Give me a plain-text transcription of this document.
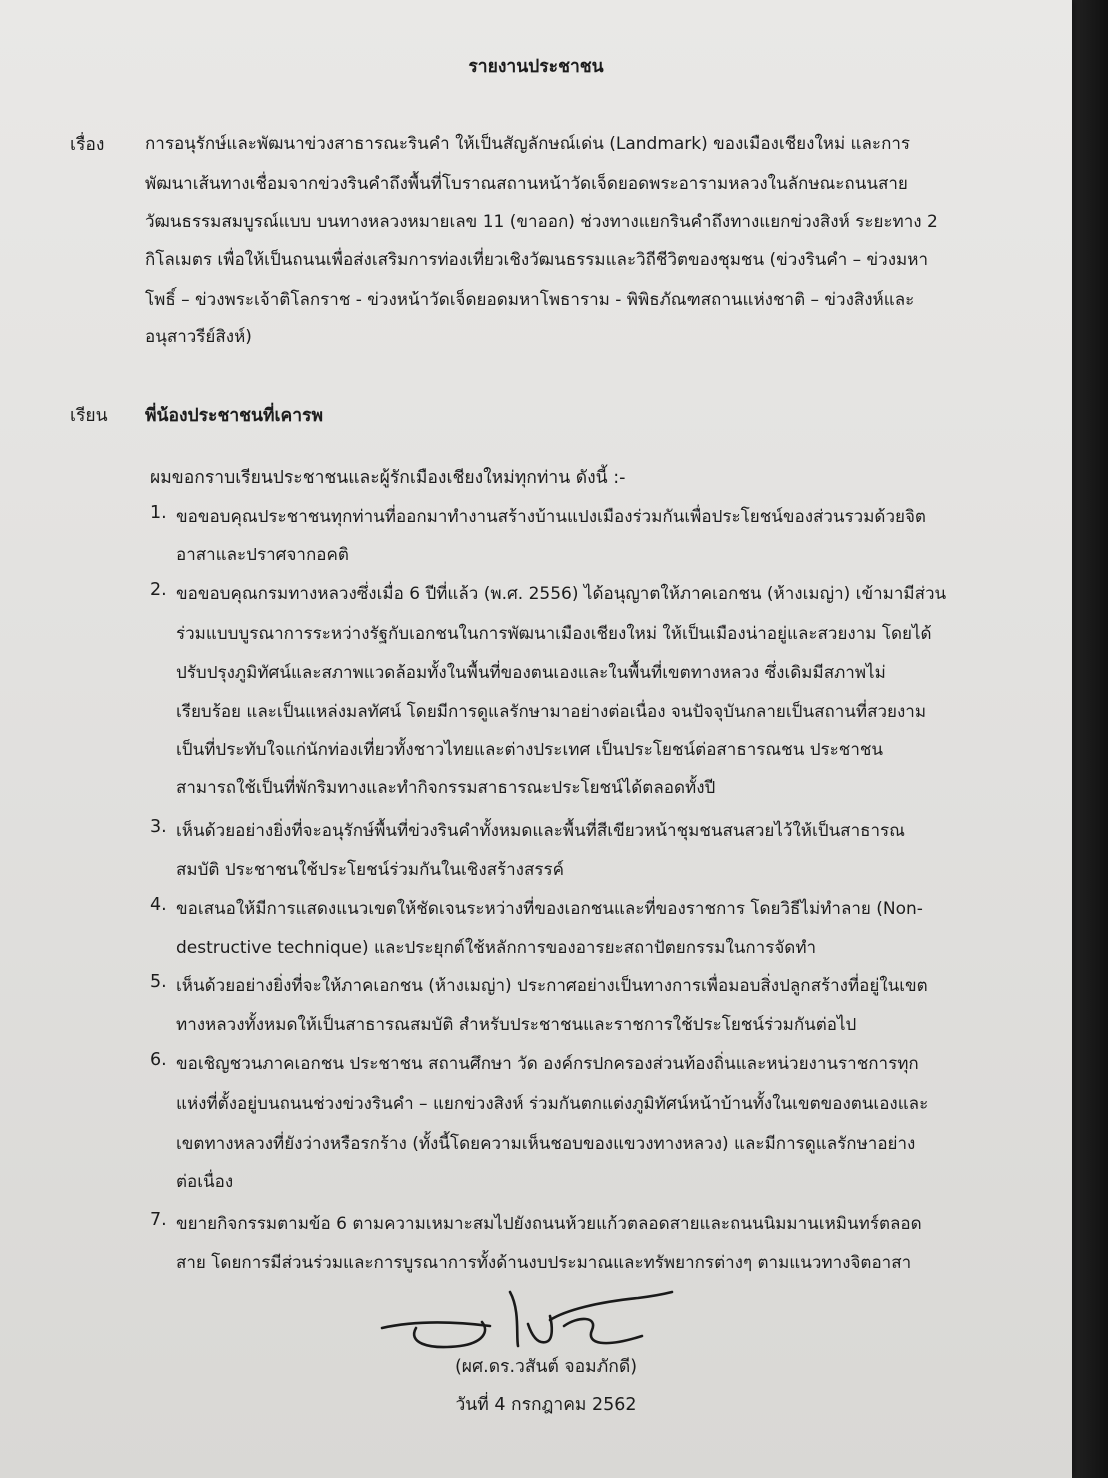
รายงานประชาชน
เรื่อง การอนุรักษ์และพัฒนาข่วงสาธารณะรินคำ ให้เป็นสัญลักษณ์เด่น (Landmark) ของเมืองเชียงใหม่ และการ
พัฒนาเส้นทางเชื่อมจากข่วงรินคำถึงพื้นที่โบราณสถานหน้าวัดเจ็ดยอดพระอารามหลวงในลักษณะถนนสาย
วัฒนธรรมสมบูรณ์แบบ บนทางหลวงหมายเลข 11 (ขาออก) ช่วงทางแยกรินคำถึงทางแยกข่วงสิงห์ ระยะทาง 2
กิโลเมตร เพื่อให้เป็นถนนเพื่อส่งเสริมการท่องเที่ยวเชิงวัฒนธรรมและวิถีชีวิตของชุมชน (ข่วงรินคำ – ข่วงมหา
โพธิ์ – ข่วงพระเจ้าติโลกราช - ข่วงหน้าวัดเจ็ดยอดมหาโพธาราม - พิพิธภัณฑสถานแห่งชาติ – ข่วงสิงห์และ
อนุสาวรีย์สิงห์)
เรียน พี่น้องประชาชนที่เคารพ
ผมขอกราบเรียนประชาชนและผู้รักเมืองเชียงใหม่ทุกท่าน ดังนี้ :-
1. ขอขอบคุณประชาชนทุกท่านที่ออกมาทำงานสร้างบ้านแปงเมืองร่วมกันเพื่อประโยชน์ของส่วนรวมด้วยจิต
อาสาและปราศจากอคติ
2. ขอขอบคุณกรมทางหลวงซึ่งเมื่อ 6 ปีที่แล้ว (พ.ศ. 2556) ได้อนุญาตให้ภาคเอกชน (ห้างเมญ่า) เข้ามามีส่วน
ร่วมแบบบูรณาการระหว่างรัฐกับเอกชนในการพัฒนาเมืองเชียงใหม่ ให้เป็นเมืองน่าอยู่และสวยงาม โดยได้
ปรับปรุงภูมิทัศน์และสภาพแวดล้อมทั้งในพื้นที่ของตนเองและในพื้นที่เขตทางหลวง ซึ่งเดิมมีสภาพไม่
เรียบร้อย และเป็นแหล่งมลทัศน์ โดยมีการดูแลรักษามาอย่างต่อเนื่อง จนปัจจุบันกลายเป็นสถานที่สวยงาม
เป็นที่ประทับใจแก่นักท่องเที่ยวทั้งชาวไทยและต่างประเทศ เป็นประโยชน์ต่อสาธารณชน ประชาชน
สามารถใช้เป็นที่พักริมทางและทำกิจกรรมสาธารณะประโยชน์ได้ตลอดทั้งปี
3. เห็นด้วยอย่างยิ่งที่จะอนุรักษ์พื้นที่ข่วงรินคำทั้งหมดและพื้นที่สีเขียวหน้าชุมชนสนสวยไว้ให้เป็นสาธารณ
สมบัติ ประชาชนใช้ประโยชน์ร่วมกันในเชิงสร้างสรรค์
4. ขอเสนอให้มีการแสดงแนวเขตให้ชัดเจนระหว่างที่ของเอกชนและที่ของราชการ โดยวิธีไม่ทำลาย (Non-
destructive technique) และประยุกต์ใช้หลักการของอารยะสถาปัตยกรรมในการจัดทำ
5. เห็นด้วยอย่างยิ่งที่จะให้ภาคเอกชน (ห้างเมญ่า) ประกาศอย่างเป็นทางการเพื่อมอบสิ่งปลูกสร้างที่อยู่ในเขต
ทางหลวงทั้งหมดให้เป็นสาธารณสมบัติ สำหรับประชาชนและราชการใช้ประโยชน์ร่วมกันต่อไป
6. ขอเชิญชวนภาคเอกชน ประชาชน สถานศึกษา วัด องค์กรปกครองส่วนท้องถิ่นและหน่วยงานราชการทุก
แห่งที่ตั้งอยู่บนถนนช่วงข่วงรินคำ – แยกข่วงสิงห์ ร่วมกันตกแต่งภูมิทัศน์หน้าบ้านทั้งในเขตของตนเองและ
เขตทางหลวงที่ยังว่างหรือรกร้าง (ทั้งนี้โดยความเห็นชอบของแขวงทางหลวง) และมีการดูแลรักษาอย่าง
ต่อเนื่อง
7. ขยายกิจกรรมตามข้อ 6 ตามความเหมาะสมไปยังถนนห้วยแก้วตลอดสายและถนนนิมมานเหมินทร์ตลอด
สาย โดยการมีส่วนร่วมและการบูรณาการทั้งด้านงบประมาณและทรัพยากรต่างๆ ตามแนวทางจิตอาสา
(ผศ.ดร.วสันต์ จอมภักดี)
วันที่ 4 กรกฎาคม 2562
